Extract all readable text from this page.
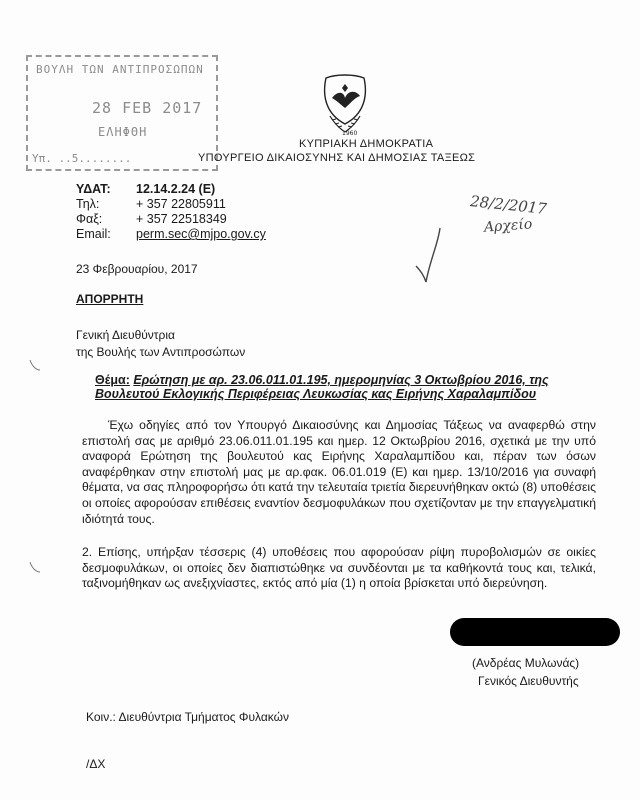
ΒΟΥΛΗ ΤΩΝ ΑΝΤΙΠΡΟΣΩΠΩΝ
28 FEB 2017
ΕΛΗΦΘΗ
Υπ. ..5........
1960
ΚΥΠΡΙΑΚΗ ΔΗΜΟΚΡΑΤΙΑ
ΥΠΟΥΡΓΕΙΟ ΔΙΚΑΙΟΣΥΝΗΣ ΚΑΙ ΔΗΜΟΣΙΑΣ ΤΑΞΕΩΣ
ΥΔΑΤ:	12.14.2.24 (Ε)
Τηλ:	+ 357 22805911
Φαξ:	+ 357 22518349
Email:	perm.sec@mjpo.gov.cy
28/2/2017
Αρχείο
23 Φεβρουαρίου, 2017
ΑΠΟΡΡΗΤΗ
Γενική Διευθύντρια
της Βουλής των Αντιπροσώπων
Θέμα: Ερώτηση με αρ. 23.06.011.01.195, ημερομηνίας 3 Οκτωβρίου 2016, της Βουλευτού Εκλογικής Περιφέρειας Λευκωσίας κας Ειρήνης Χαραλαμπίδου
Έχω οδηγίες από τον Υπουργό Δικαιοσύνης και Δημοσίας Τάξεως να αναφερθώ στην επιστολή σας με αριθμό 23.06.011.01.195 και ημερ. 12 Οκτωβρίου 2016, σχετικά με την υπό αναφορά Ερώτηση της βουλευτού κας Ειρήνης Χαραλαμπίδου και, πέραν των όσων αναφέρθηκαν στην επιστολή μας με αρ.φακ. 06.01.019 (Ε) και ημερ. 13/10/2016 για συναφή θέματα, να σας πληροφορήσω ότι κατά την τελευταία τριετία διερευνήθηκαν οκτώ (8) υποθέσεις οι οποίες αφορούσαν επιθέσεις εναντίον δεσμοφυλάκων που σχετίζονταν με την επαγγελματική ιδιότητά τους.
2. Επίσης, υπήρξαν τέσσερις (4) υποθέσεις που αφορούσαν ρίψη πυροβολισμών σε οικίες δεσμοφυλάκων, οι οποίες δεν διαπιστώθηκε να συνδέονται με τα καθήκοντά τους και, τελικά, ταξινομήθηκαν ως ανεξιχνίαστες, εκτός από μία (1) η οποία βρίσκεται υπό διερεύνηση.
(Ανδρέας Μυλωνάς)
Γενικός Διευθυντής
Κοιν.: Διευθύντρια Τμήματος Φυλακών
/ΔΧ
